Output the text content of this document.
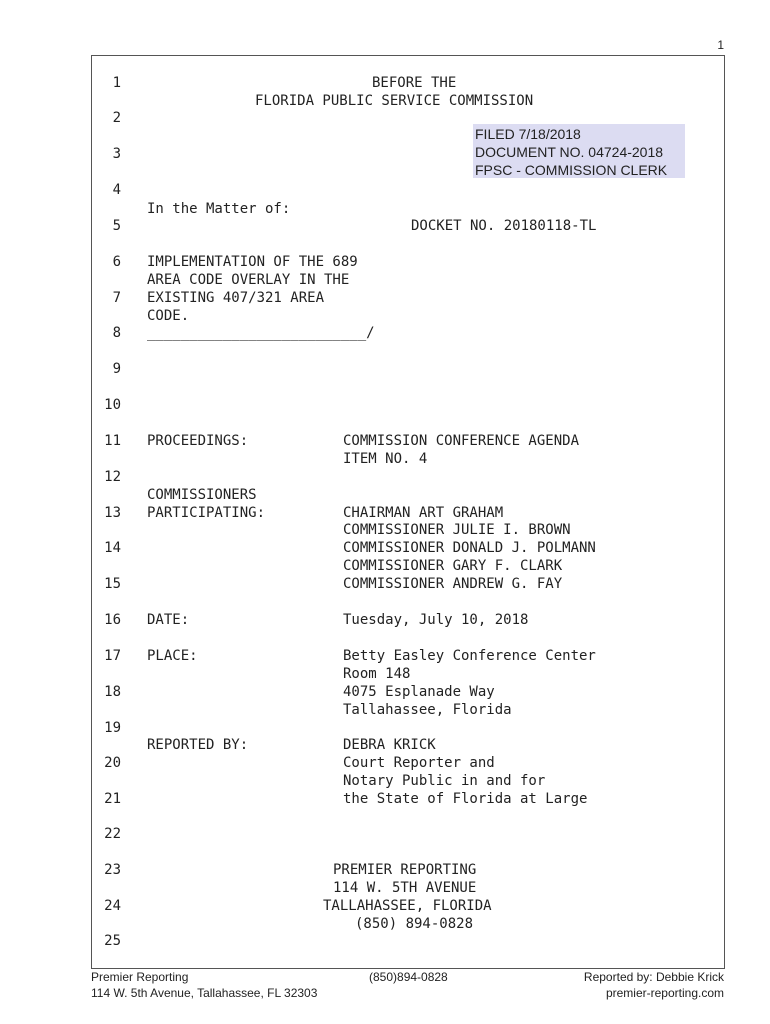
1
1
2
3
4
5
6
7
8
9
10
11
12
13
14
15
16
17
18
19
20
21
22
23
24
25
BEFORE THE
FLORIDA PUBLIC SERVICE COMMISSION
FILED 7/18/2018
DOCUMENT NO. 04724-2018
FPSC - COMMISSION CLERK
In the Matter of:
DOCKET NO. 20180118-TL
IMPLEMENTATION OF THE 689
AREA CODE OVERLAY IN THE
EXISTING 407/321 AREA
CODE.
__________________________/
PROCEEDINGS:	COMMISSION CONFERENCE AGENDA
ITEM NO. 4
COMMISSIONERS
PARTICIPATING:	CHAIRMAN ART GRAHAM
COMMISSIONER JULIE I. BROWN
COMMISSIONER DONALD J. POLMANN
COMMISSIONER GARY F. CLARK
COMMISSIONER ANDREW G. FAY
DATE:	Tuesday, July 10, 2018
PLACE:	Betty Easley Conference Center
Room 148
4075 Esplanade Way
Tallahassee, Florida
REPORTED BY:	DEBRA KRICK
Court Reporter and
Notary Public in and for
the State of Florida at Large
PREMIER REPORTING
114 W. 5TH AVENUE
TALLAHASSEE, FLORIDA
(850) 894-0828
Premier Reporting
114 W. 5th Avenue, Tallahassee, FL 32303
(850)894-0828	Reported by: Debbie Krick
premier-reporting.com
